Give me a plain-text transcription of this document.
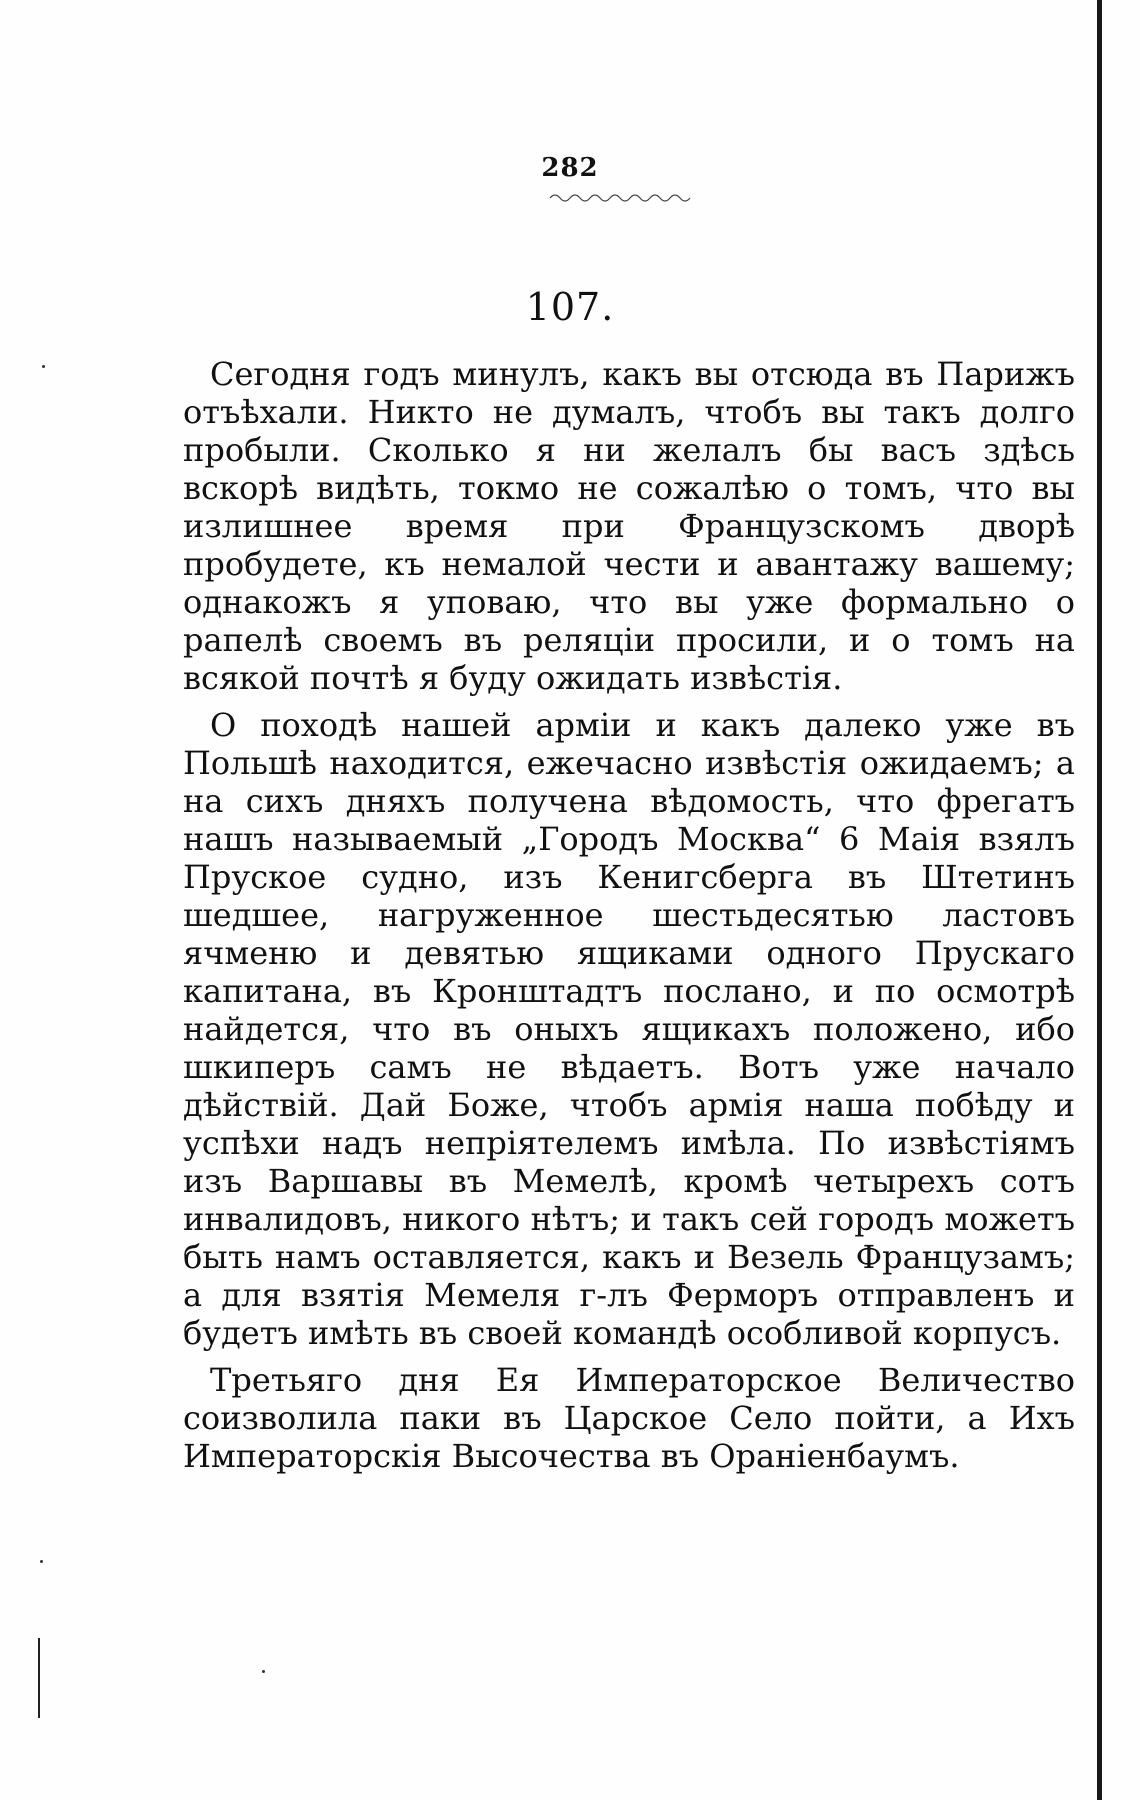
282
107.

Сегодня годъ минулъ, какъ вы отсюда въ Парижъ отъѣхали. Никто не думалъ, чтобъ вы такъ долго пробыли. Сколько я ни желалъ бы васъ здѣсь вскорѣ видѣть, токмо не сожалѣю о томъ, что вы излишнее время при Французскомъ дворѣ пробудете, къ немалой чести и авантажу вашему; однакожъ я уповаю, что вы уже формально о рапелѣ своемъ въ реляціи просили, и о томъ на всякой почтѣ я буду ожидать извѣстія.

О походѣ нашей арміи и какъ далеко уже въ Польшѣ находится, ежечасно извѣстія ожидаемъ; а на сихъ дняхъ получена вѣдомость, что фрегатъ нашъ называемый „Городъ Москва“ 6 Маія взялъ Прускoе судно, изъ Кенигсберга въ Штетинъ шедшее, нагруженное шестьдесятью ластовъ ячменю и девятью ящиками одного Прускаго капитана, въ Кронштадтъ послано, и по осмотрѣ найдется, что въ оныхъ ящикахъ положено, ибо шкиперъ самъ не вѣдаетъ. Вотъ уже начало дѣйствій. Дай Боже, чтобъ армія наша побѣду и успѣхи надъ непріятелемъ имѣла. По извѣстіямъ изъ Варшавы въ Мемелѣ, кромѣ четырехъ сотъ инвалидовъ, никого нѣтъ; и такъ сей городъ можетъ быть намъ оставляется, какъ и Везель Французамъ; а для взятія Мемеля г-лъ Ферморъ отправленъ и будетъ имѣть въ своей командѣ особливой корпусъ.

Третьяго дня Ея Императорское Величество соизволила паки въ Царское Село пойти, а Ихъ Императорскія Высочества въ Ораніенбаумъ.
